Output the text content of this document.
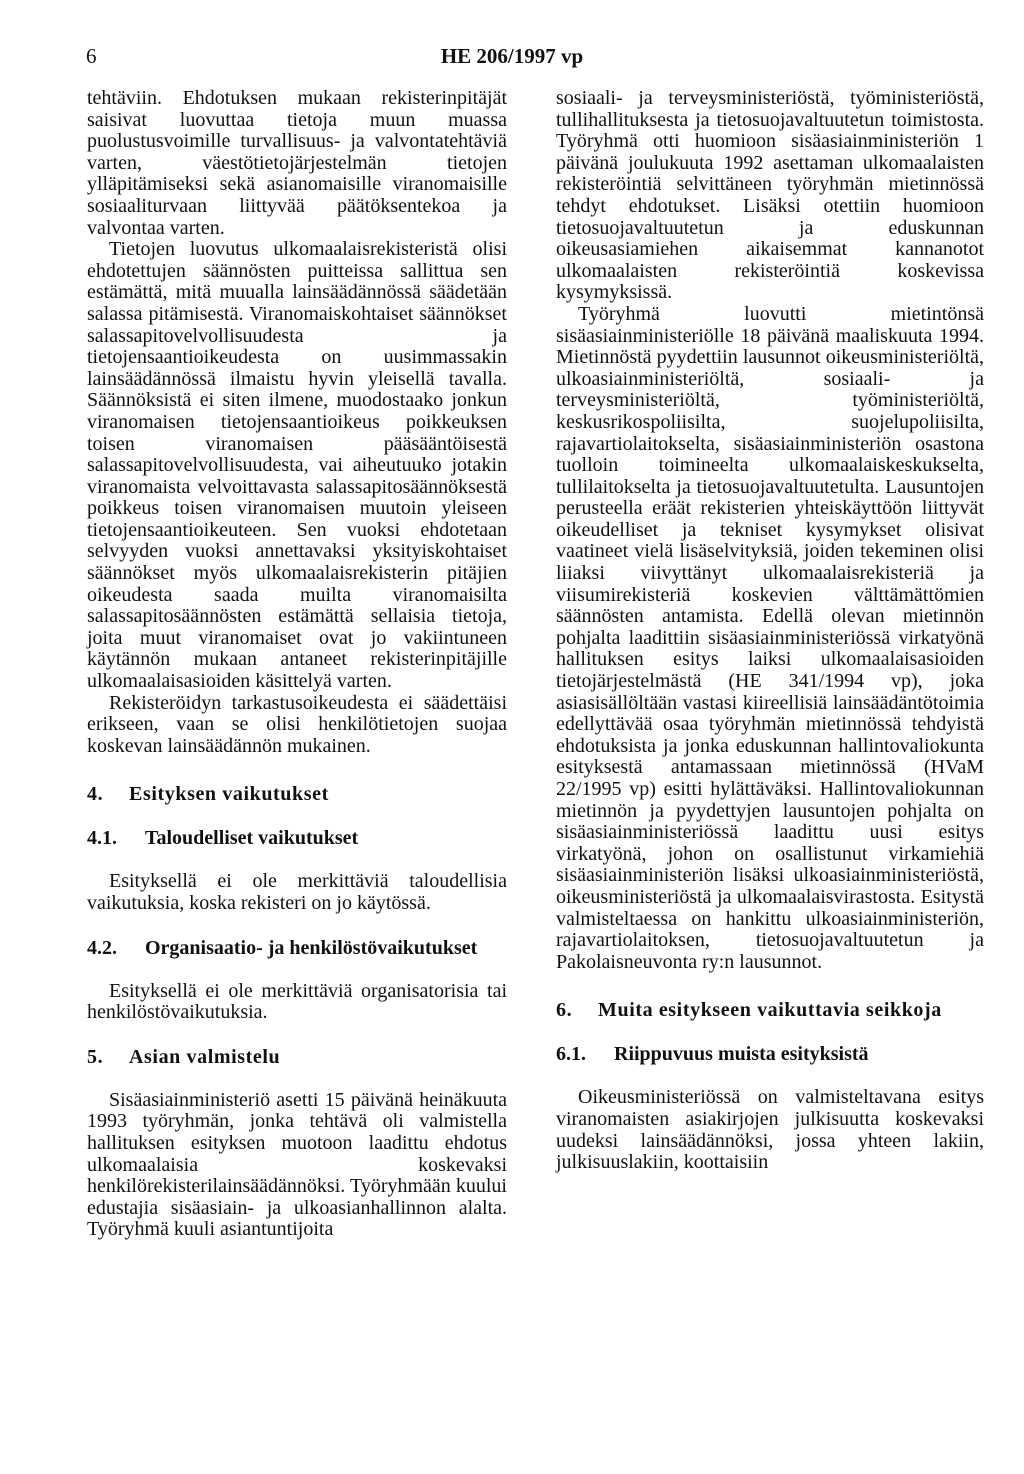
6	HE 206/1997 vp

tehtäviin. Ehdotuksen mukaan rekisterinpitäjät saisivat luovuttaa tietoja muun muassa puolustusvoimille turvallisuus- ja valvontatehtäviä varten, väestötietojärjestelmän tietojen ylläpitämiseksi sekä asianomaisille viranomaisille sosiaaliturvaan liittyvää päätöksentekoa ja valvontaa varten.

Tietojen luovutus ulkomaalaisrekisteristä olisi ehdotettujen säännösten puitteissa sallittua sen estämättä, mitä muualla lainsäädännössä säädetään salassa pitämisestä. Viranomaiskohtaiset säännökset salassapitovelvollisuudesta ja tietojensaantioikeudesta on uusimmassakin lainsäädännössä ilmaistu hyvin yleisellä tavalla. Säännöksistä ei siten ilmene, muodostaako jonkun viranomaisen tietojensaantioikeus poikkeuksen toisen viranomaisen pääsääntöisestä salassapitovelvollisuudesta, vai aiheutuuko jotakin viranomaista velvoittavasta salassapitosäännöksestä poikkeus toisen viranomaisen muutoin yleiseen tietojensaantioikeuteen. Sen vuoksi ehdotetaan selvyyden vuoksi annettavaksi yksityiskohtaiset säännökset myös ulkomaalaisrekisterin pitäjien oikeudesta saada muilta viranomaisilta salassapitosäännösten estämättä sellaisia tietoja, joita muut viranomaiset ovat jo vakiintuneen käytännön mukaan antaneet rekisterinpitäjille ulkomaalaisasioiden käsittelyä varten.

Rekisteröidyn tarkastusoikeudesta ei säädettäisi erikseen, vaan se olisi henkilötietojen suojaa koskevan lainsäädännön mukainen.

4.	Esityksen vaikutukset
4.1.	Taloudelliset vaikutukset

Esityksellä ei ole merkittäviä taloudellisia vaikutuksia, koska rekisteri on jo käytössä.

4.2.	Organisaatio- ja henkilöstövaikutukset

Esityksellä ei ole merkittäviä organisatorisia tai henkilöstövaikutuksia.

5.	Asian valmistelu

Sisäasiainministeriö asetti 15 päivänä heinäkuuta 1993 työryhmän, jonka tehtävä oli valmistella hallituksen esityksen muotoon laadittu ehdotus ulkomaalaisia koskevaksi henkilörekisterilainsäädännöksi. Työryhmään kuului edustajia sisäasiain- ja ulkoasianhallinnon alalta. Työryhmä kuuli asiantuntijoita

sosiaali- ja terveysministeriöstä, työministeriöstä, tullihallituksesta ja tietosuojavaltuutetun toimistosta. Työryhmä otti huomioon sisäasiainministeriön 1 päivänä joulukuuta 1992 asettaman ulkomaalaisten rekisteröintiä selvittäneen työryhmän mietinnössä tehdyt ehdotukset. Lisäksi otettiin huomioon tietosuojavaltuutetun ja eduskunnan oikeusasiamiehen aikaisemmat kannanotot ulkomaalaisten rekisteröintiä koskevissa kysymyksissä.

Työryhmä luovutti mietintönsä sisäasiainministeriölle 18 päivänä maaliskuuta 1994. Mietinnöstä pyydettiin lausunnot oikeusministeriöltä, ulkoasiainministeriöltä, sosiaali- ja terveysministeriöltä, työministeriöltä, keskusrikospoliisilta, suojelupoliisilta, rajavartiolaitokselta, sisäasiainministeriön osastona tuolloin toimineelta ulkomaalaiskeskukselta, tullilaitokselta ja tietosuojavaltuutetulta. Lausuntojen perusteella eräät rekisterien yhteiskäyttöön liittyvät oikeudelliset ja tekniset kysymykset olisivat vaatineet vielä lisäselvityksiä, joiden tekeminen olisi liiaksi viivyttänyt ulkomaalaisrekisteriä ja viisumirekisteriä koskevien välttämättömien säännösten antamista. Edellä olevan mietinnön pohjalta laadittiin sisäasiainministeriössä virkatyönä hallituksen esitys laiksi ulkomaalaisasioiden tietojärjestelmästä (HE 341/1994 vp), joka asiasisällöltään vastasi kiireellisiä lainsäädäntötoimia edellyttävää osaa työryhmän mietinnössä tehdyistä ehdotuksista ja jonka eduskunnan hallintovaliokunta esityksestä antamassaan mietinnössä (HVaM 22/1995 vp) esitti hylättäväksi. Hallintovaliokunnan mietinnön ja pyydettyjen lausuntojen pohjalta on sisäasiainministeriössä laadittu uusi esitys virkatyönä, johon on osallistunut virkamiehiä sisäasiainministeriön lisäksi ulkoasiainministeriöstä, oikeusministeriöstä ja ulkomaalaisvirastosta. Esitystä valmisteltaessa on hankittu ulkoasiainministeriön, rajavartiolaitoksen, tietosuojavaltuutetun ja Pakolaisneuvonta ry:n lausunnot.

6.	Muita esitykseen vaikuttavia seikkoja
6.1.	Riippuvuus muista esityksistä

Oikeusministeriössä on valmisteltavana esitys viranomaisten asiakirjojen julkisuutta koskevaksi uudeksi lainsäädännöksi, jossa yhteen lakiin, julkisuuslakiin, koottaisiin
